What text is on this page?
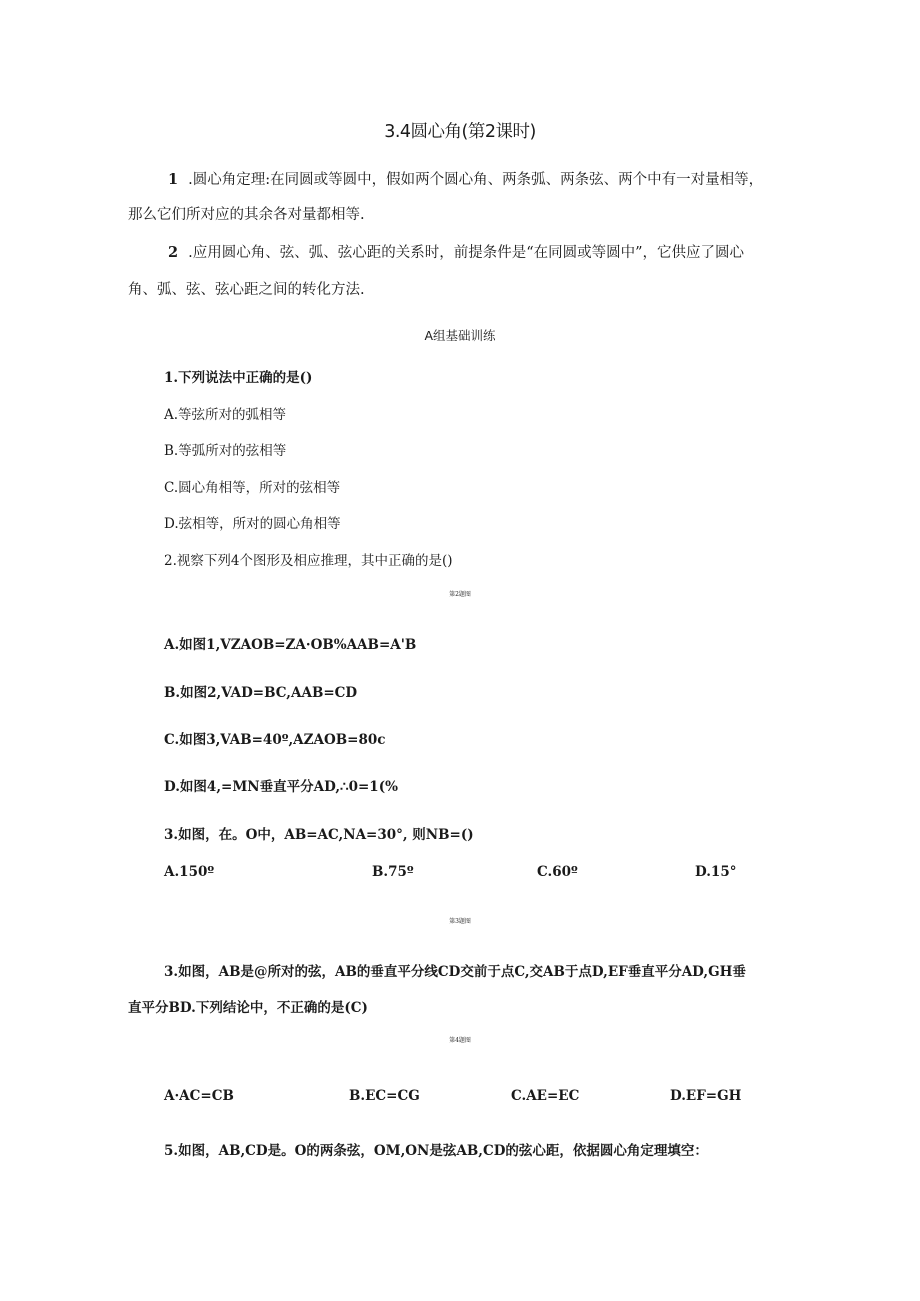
3.4圆心角(第2课时)
1 .圆心角定理:在同圆或等圆中，假如两个圆心角、两条弧、两条弦、两个中有一对量相等，
那么它们所对应的其余各对量都相等.
2 .应用圆心角、弦、弧、弦心距的关系时，前提条件是“在同圆或等圆中”，它供应了圆心
角、弧、弦、弦心距之间的转化方法.
A组基础训练
1.下列说法中正确的是()
A.等弦所对的弧相等
B.等弧所对的弦相等
C.圆心角相等，所对的弦相等
D.弦相等，所对的圆心角相等
2.视察下列4个图形及相应推理，其中正确的是()
第2题图
A.如图1,VZAOB=ZA·OB%AAB=A'B
B.如图2,VAD=BC,AAB=CD
C.如图3,VAB=40º,AZAOB=80c
D.如图4,=MN垂直平分AD,∴0=1(%
3.如图，在。O中，AB=AC,NA=30°, 则NB=()
A.150º	B.75º	C.60º	D.15°
第3题图
3.如图，AB是@所对的弦，AB的垂直平分线CD交前于点C,交AB于点D,EF垂直平分AD,GH垂
直平分BD.下列结论中，不正确的是(C)
第4题图
A·AC=CB	B.EC=CG	C.AE=EC	D.EF=GH
5.如图，AB,CD是。O的两条弦，OM,ON是弦AB,CD的弦心距，依据圆心角定理填空：
